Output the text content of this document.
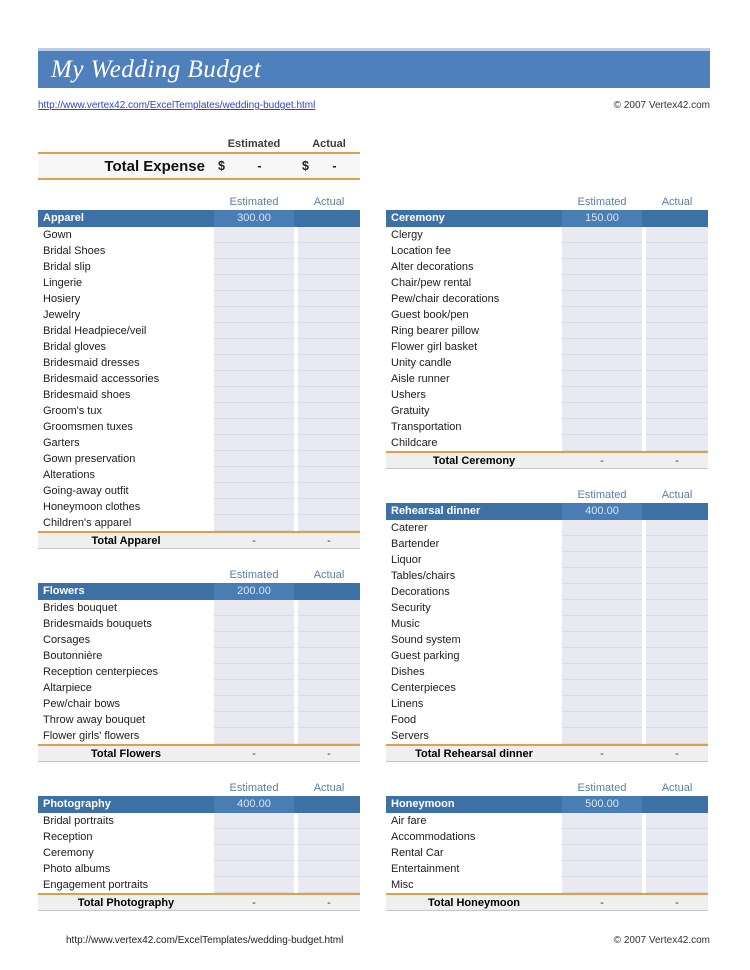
My Wedding Budget
http://www.vertex42.com/ExcelTemplates/wedding-budget.html	© 2007 Vertex42.com
Estimated	Actual
Total Expense	$	-	$	-
Estimated	Actual
Apparel	300.00
Gown
Bridal Shoes
Bridal slip
Lingerie
Hosiery
Jewelry
Bridal Headpiece/veil
Bridal gloves
Bridesmaid dresses
Bridesmaid accessories
Bridesmaid shoes
Groom's tux
Groomsmen tuxes
Garters
Gown preservation
Alterations
Going-away outfit
Honeymoon clothes
Children's apparel
Total Apparel	-	-
Estimated	Actual
Flowers	200.00
Brides bouquet
Bridesmaids bouquets
Corsages
Boutonnière
Reception centerpieces
Altarpiece
Pew/chair bows
Throw away bouquet
Flower girls' flowers
Total Flowers	-	-
Estimated	Actual
Photography	400.00
Bridal portraits
Reception
Ceremony
Photo albums
Engagement portraits
Total Photography	-	-
Estimated	Actual
Ceremony	150.00
Clergy
Location fee
Alter decorations
Chair/pew rental
Pew/chair decorations
Guest book/pen
Ring bearer pillow
Flower girl basket
Unity candle
Aisle runner
Ushers
Gratuity
Transportation
Childcare
Total Ceremony	-	-
Estimated	Actual
Rehearsal dinner	400.00
Caterer
Bartender
Liquor
Tables/chairs
Decorations
Security
Music
Sound system
Guest parking
Dishes
Centerpieces
Linens
Food
Servers
Total Rehearsal dinner	-	-
Estimated	Actual
Honeymoon	500.00
Air fare
Accommodations
Rental Car
Entertainment
Misc
Total Honeymoon	-	-
http://www.vertex42.com/ExcelTemplates/wedding-budget.html	© 2007 Vertex42.com
